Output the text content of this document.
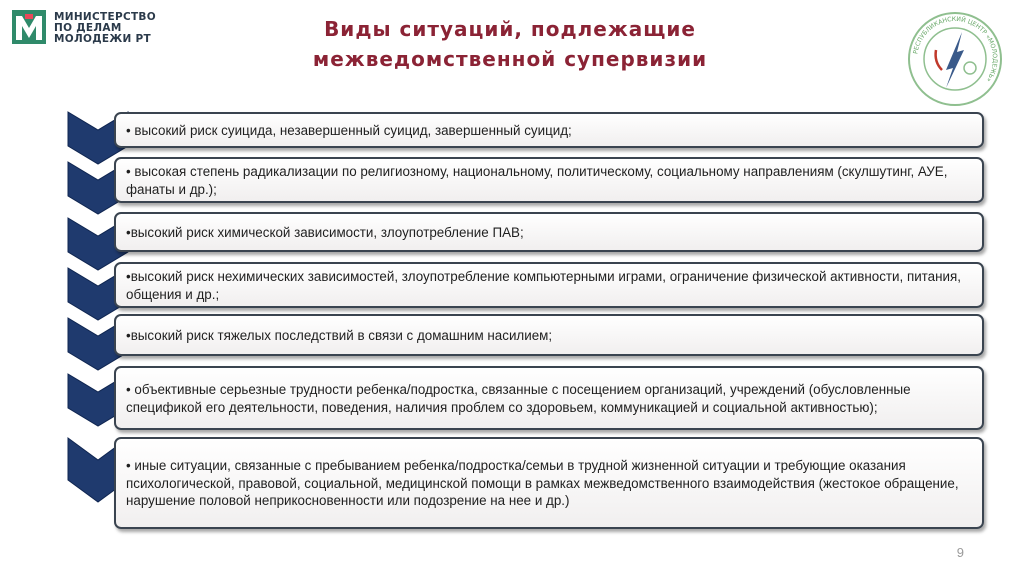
МИНИСТЕРСТВО
ПО ДЕЛАМ
МОЛОДЕЖИ РТ	Виды ситуаций, подлежащие
межведомственной супервизии	РЕСПУБЛИКАНСКИЙ ЦЕНТР «МОЛОДЕЖЬ»
• высокий риск суицида, незавершенный суицид, завершенный суицид;
• высокая степень радикализации по религиозному, национальному, политическому, социальному направлениям (скулшутинг, АУЕ, фанаты и др.);
•высокий риск химической зависимости, злоупотребление ПАВ;
•высокий риск нехимических зависимостей, злоупотребление компьютерными играми, ограничение физической активности, питания, общения и др.;
•высокий риск тяжелых последствий в связи с домашним насилием;
• объективные серьезные трудности ребенка/подростка, связанные с посещением организаций, учреждений (обусловленные спецификой его деятельности, поведения, наличия проблем со здоровьем, коммуникацией и социальной активностью);
• иные ситуации, связанные с пребыванием ребенка/подростка/семьи в трудной жизненной ситуации и требующие оказания психологической, правовой, социальной, медицинской помощи в рамках межведомственного взаимодействия (жестокое обращение, нарушение половой неприкосновенности или подозрение на нее и др.)
9
